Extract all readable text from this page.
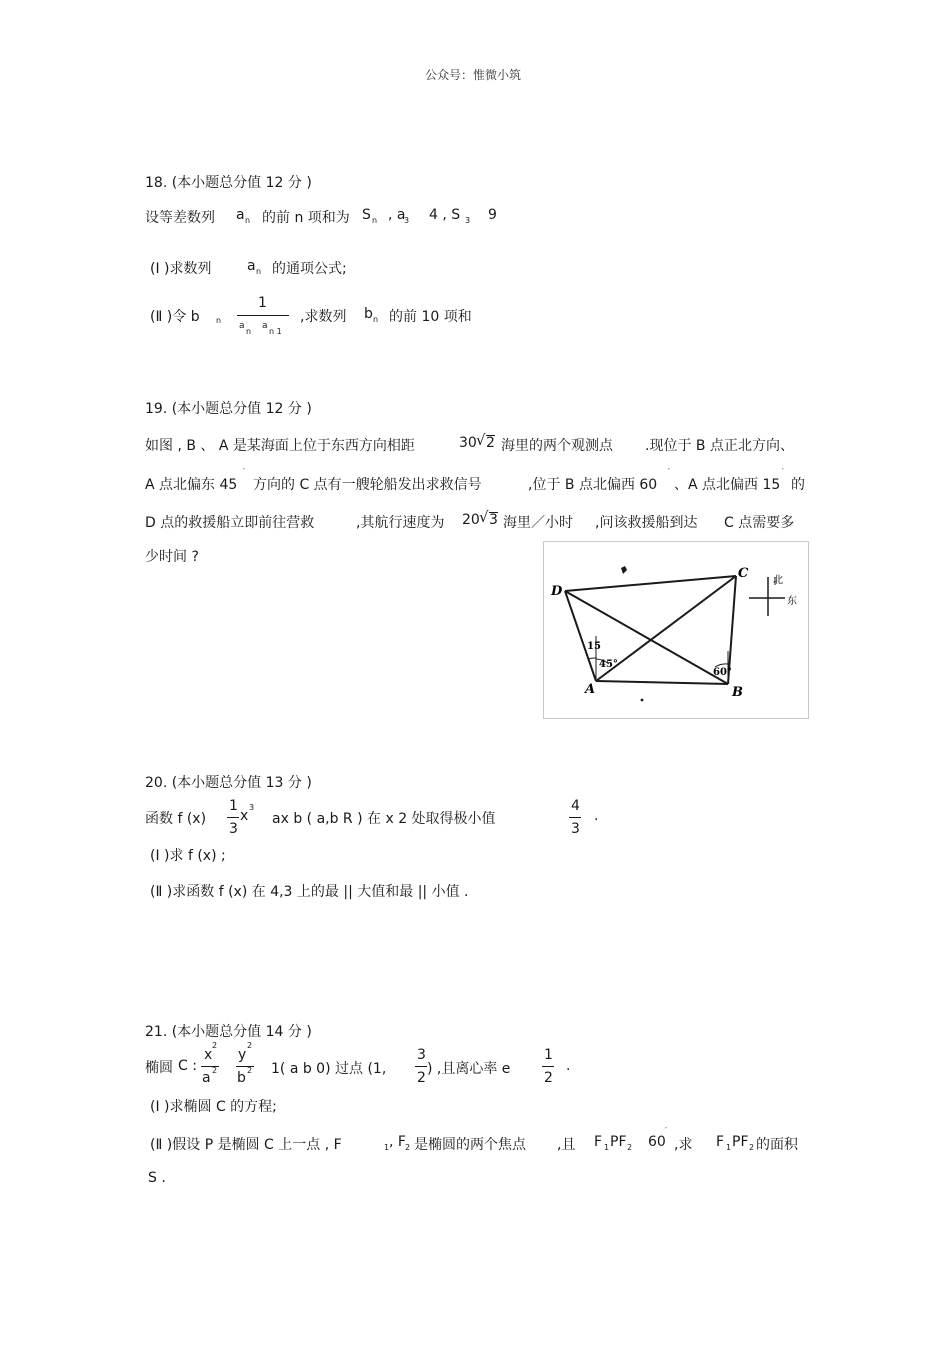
公众号：惟微小筑
18. (本小题总分值 12 分 )
设等差数列 a n 的前 n 项和为 S n , a
3 4 , S 3 9
(Ⅰ )求数列	a n 的通项公式;
(Ⅱ )令 b n
1
a
n
a
n 1
,求数列 b n 的前 10 项和
19. (本小题总分值 12 分 )
如图 , B 、 A 是某海面上位于东西方向相距	30 √ 2 海里的两个观测点 .现位于 B 点正北方向、
A 点北偏东 45
′
方向的 C 点有一艘轮船发出求救信号	,位于 B 点北偏西 60
′
、A 点北偏西 15
′
的
D 点的救援船立即前往营救	,其航行速度为 20 √ 3 海里／小时 ,问该救援船到达 C 点需要多
少时间 ?
北
东
D
C
A	B
15
45°
60°
20. (本小题总分值 13 分 )
函数 f (x)
1
3
x
3
ax b ( a,b R ) 在 x 2 处取得极小值
4
3
.
(Ⅰ )求 f (x) ;
(Ⅱ )求函数 f (x) 在 4,3 上的最 || 大值和最 || 小值 .
21. (本小题总分值 14 分 )
椭圆 C :
x
2
a 2
y
2
b 2 1( a b 0) 过点 (1,
3
2
) ,且离心率 e
1
2
.
(Ⅰ )求椭圆 C 的方程;
(Ⅱ )假设 P 是椭圆 C 上一点 , F	1 , F 2 是椭圆的两个焦点 ,且 F 1 PF 2 60
′
,求 F 1 PF 2 的面积
S .
